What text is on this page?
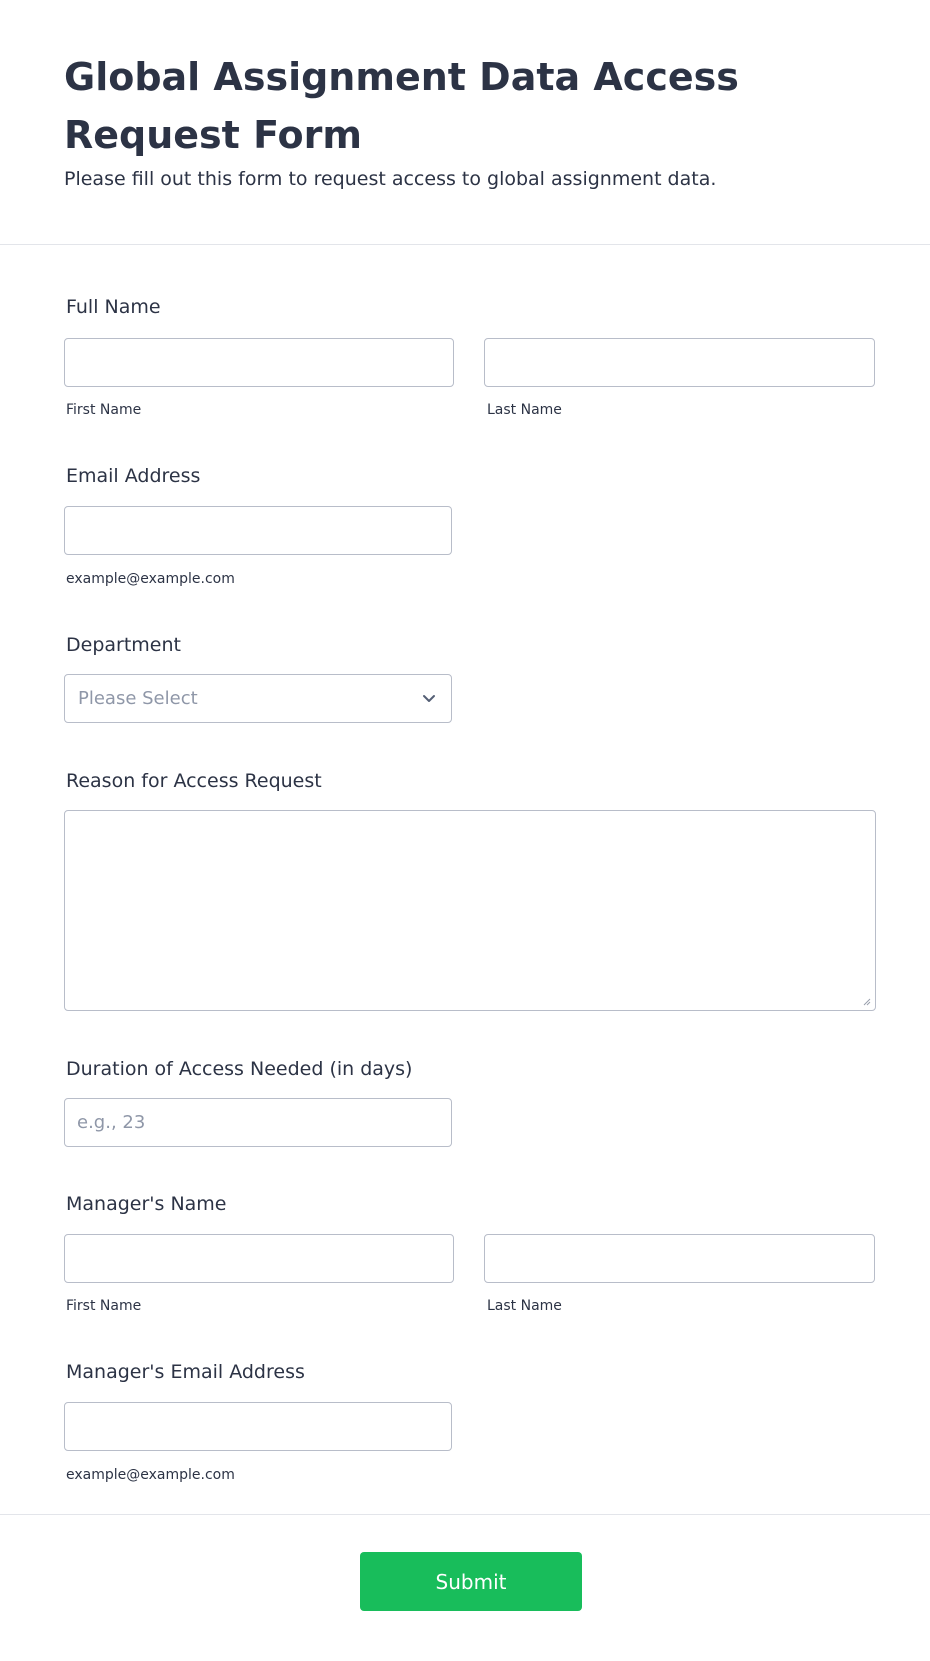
Global Assignment Data Access Request Form

Please fill out this form to request access to global assignment data.

Full Name
First Name	Last Name
Email Address
example@example.com
Department
Please Select
Reason for Access Request
Duration of Access Needed (in days)
e.g., 23
Manager's Name
First Name	Last Name
Manager's Email Address
example@example.com
Submit
